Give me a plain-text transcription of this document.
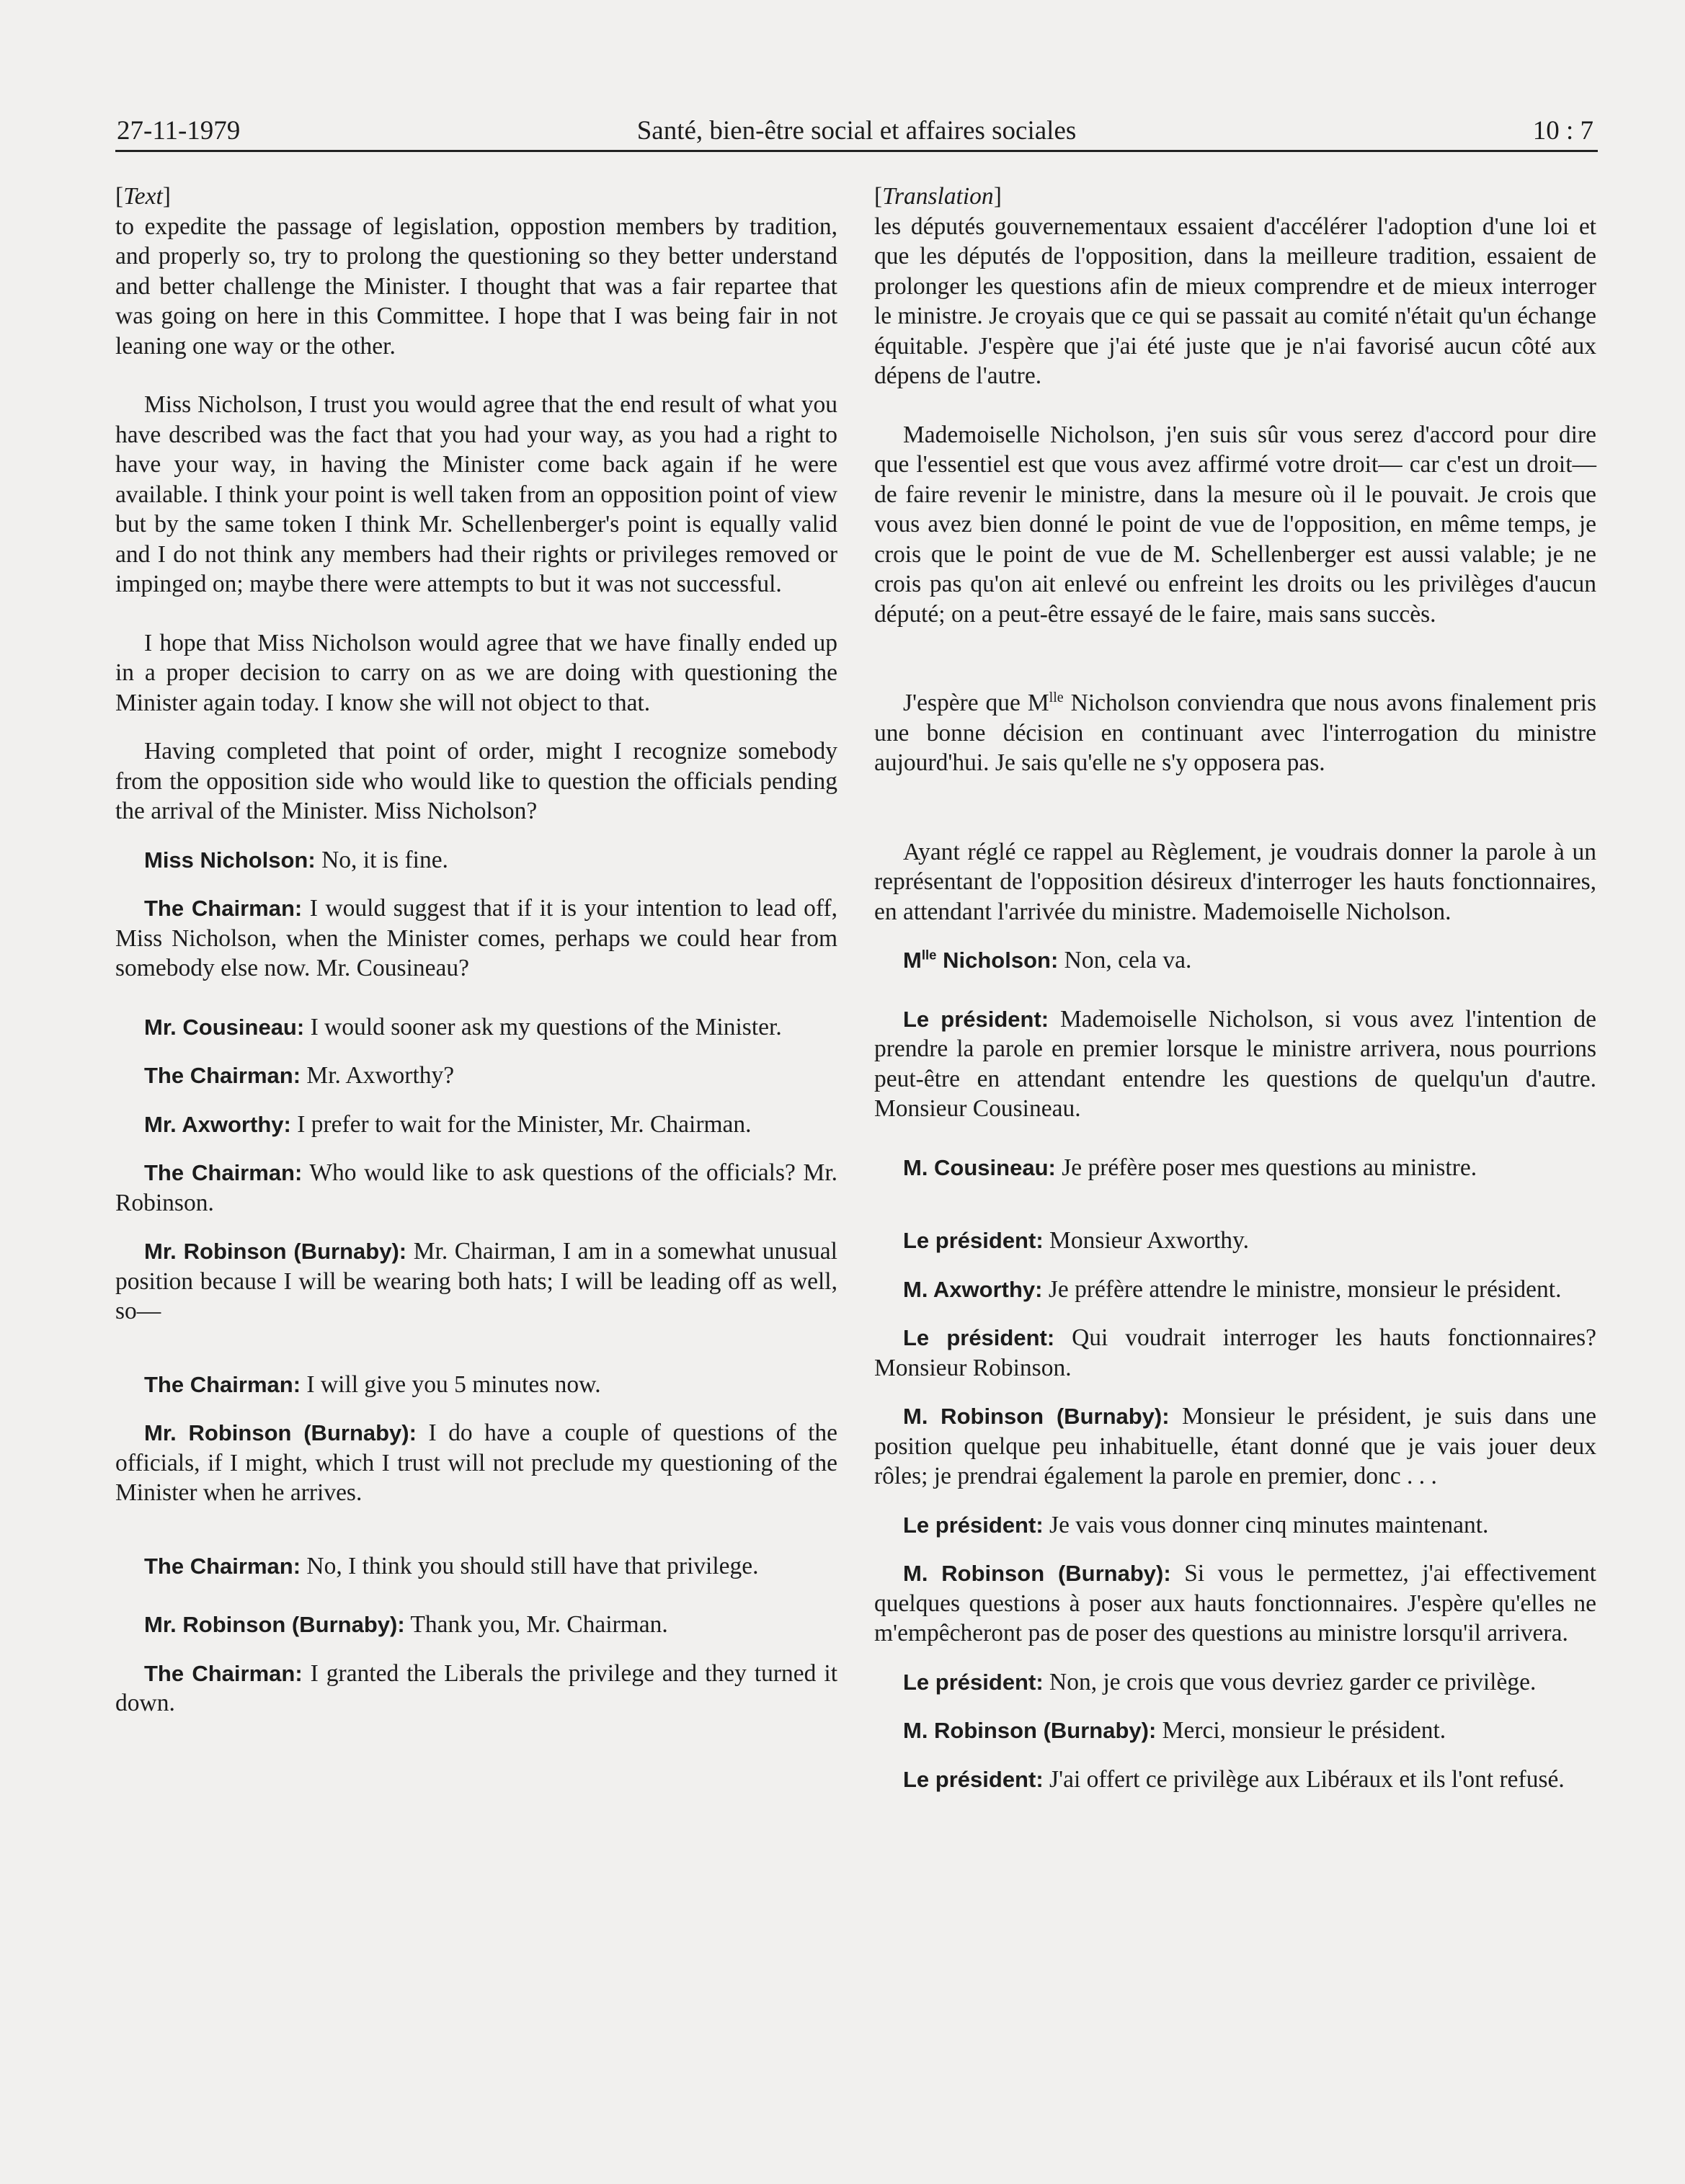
27-11-1979	Santé, bien-être social et affaires sociales	10 : 7
[Text]

to expedite the passage of legislation, oppostion members by tradition, and properly so, try to prolong the questioning so they better understand and better challenge the Minister. I thought that was a fair repartee that was going on here in this Committee. I hope that I was being fair in not leaning one way or the other.

Miss Nicholson, I trust you would agree that the end result of what you have described was the fact that you had your way, as you had a right to have your way, in having the Minister come back again if he were available. I think your point is well taken from an opposition point of view but by the same token I think Mr. Schellenberger's point is equally valid and I do not think any members had their rights or privileges removed or impinged on; maybe there were attempts to but it was not successful.

I hope that Miss Nicholson would agree that we have finally ended up in a proper decision to carry on as we are doing with questioning the Minister again today. I know she will not object to that.

Having completed that point of order, might I recognize somebody from the opposition side who would like to question the officials pending the arrival of the Minister. Miss Nicholson?

Miss Nicholson: No, it is fine.

The Chairman: I would suggest that if it is your intention to lead off, Miss Nicholson, when the Minister comes, perhaps we could hear from somebody else now. Mr. Cousineau?

Mr. Cousineau: I would sooner ask my questions of the Minister.

The Chairman: Mr. Axworthy?

Mr. Axworthy: I prefer to wait for the Minister, Mr. Chairman.

The Chairman: Who would like to ask questions of the officials? Mr. Robinson.

Mr. Robinson (Burnaby): Mr. Chairman, I am in a somewhat unusual position because I will be wearing both hats; I will be leading off as well, so—

The Chairman: I will give you 5 minutes now.

Mr. Robinson (Burnaby): I do have a couple of questions of the officials, if I might, which I trust will not preclude my questioning of the Minister when he arrives.

The Chairman: No, I think you should still have that privilege.

Mr. Robinson (Burnaby): Thank you, Mr. Chairman.

The Chairman: I granted the Liberals the privilege and they turned it down.

[Translation]

les députés gouvernementaux essaient d'accélérer l'adoption d'une loi et que les députés de l'opposition, dans la meilleure tradition, essaient de prolonger les questions afin de mieux comprendre et de mieux interroger le ministre. Je croyais que ce qui se passait au comité n'était qu'un échange équitable. J'espère que j'ai été juste que je n'ai favorisé aucun côté aux dépens de l'autre.

Mademoiselle Nicholson, j'en suis sûr vous serez d'accord pour dire que l'essentiel est que vous avez affirmé votre droit— car c'est un droit—de faire revenir le ministre, dans la mesure où il le pouvait. Je crois que vous avez bien donné le point de vue de l'opposition, en même temps, je crois que le point de vue de M. Schellenberger est aussi valable; je ne crois pas qu'on ait enlevé ou enfreint les droits ou les privilèges d'aucun député; on a peut-être essayé de le faire, mais sans succès.

J'espère que $M^{lle}$ Nicholson conviendra que nous avons finalement pris une bonne décision en continuant avec l'interrogation du ministre aujourd'hui. Je sais qu'elle ne s'y opposera pas.

Ayant réglé ce rappel au Règlement, je voudrais donner la parole à un représentant de l'opposition désireux d'interroger les hauts fonctionnaires, en attendant l'arrivée du ministre. Mademoiselle Nicholson.

$M^{lle}$ Nicholson: Non, cela va.

Le président: Mademoiselle Nicholson, si vous avez l'intention de prendre la parole en premier lorsque le ministre arrivera, nous pourrions peut-être en attendant entendre les questions de quelqu'un d'autre. Monsieur Cousineau.

M. Cousineau: Je préfère poser mes questions au ministre.

Le président: Monsieur Axworthy.

M. Axworthy: Je préfère attendre le ministre, monsieur le président.

Le président: Qui voudrait interroger les hauts fonctionnaires? Monsieur Robinson.

M. Robinson (Burnaby): Monsieur le président, je suis dans une position quelque peu inhabituelle, étant donné que je vais jouer deux rôles; je prendrai également la parole en premier, donc . . .

Le président: Je vais vous donner cinq minutes maintenant.

M. Robinson (Burnaby): Si vous le permettez, j'ai effectivement quelques questions à poser aux hauts fonctionnaires. J'espère qu'elles ne m'empêcheront pas de poser des questions au ministre lorsqu'il arrivera.

Le président: Non, je crois que vous devriez garder ce privilège.

M. Robinson (Burnaby): Merci, monsieur le président.

Le président: J'ai offert ce privilège aux Libéraux et ils l'ont refusé.
